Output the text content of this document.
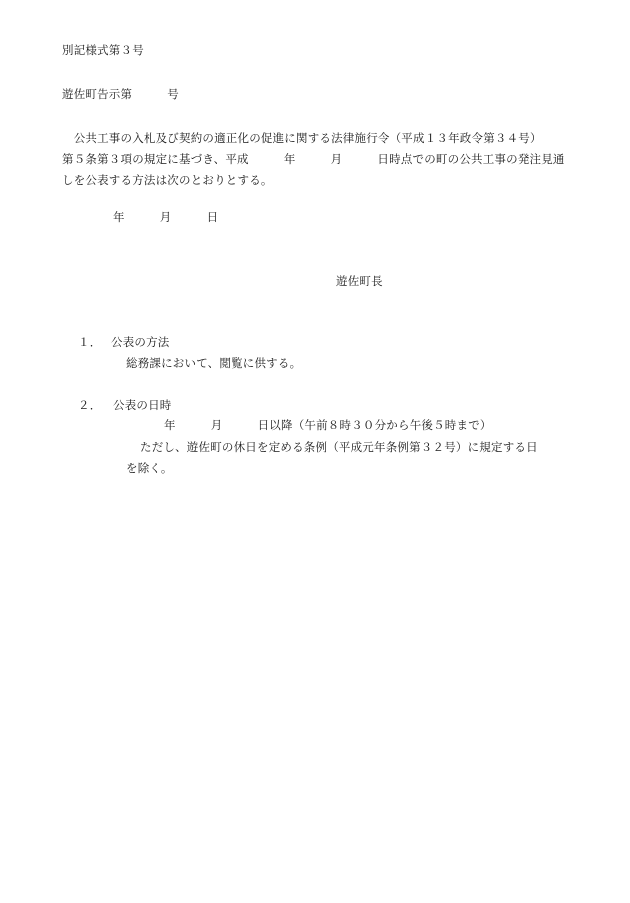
別記様式第３号
遊佐町告示第　　　号
　公共工事の入札及び契約の適正化の促進に関する法律施行令（平成１３年政令第３４号）
第５条第３項の規定に基づき、平成　　　年　　　月　　　日時点での町の公共工事の発注見通
しを公表する方法は次のとおりとする。
年　　　月　　　日
遊佐町長
１． 公表の方法
総務課において、閲覧に供する。
２． 公表の日時
年　　　月　　　日以降（午前８時３０分から午後５時まで）
ただし、遊佐町の休日を定める条例（平成元年条例第３２号）に規定する日
を除く。
